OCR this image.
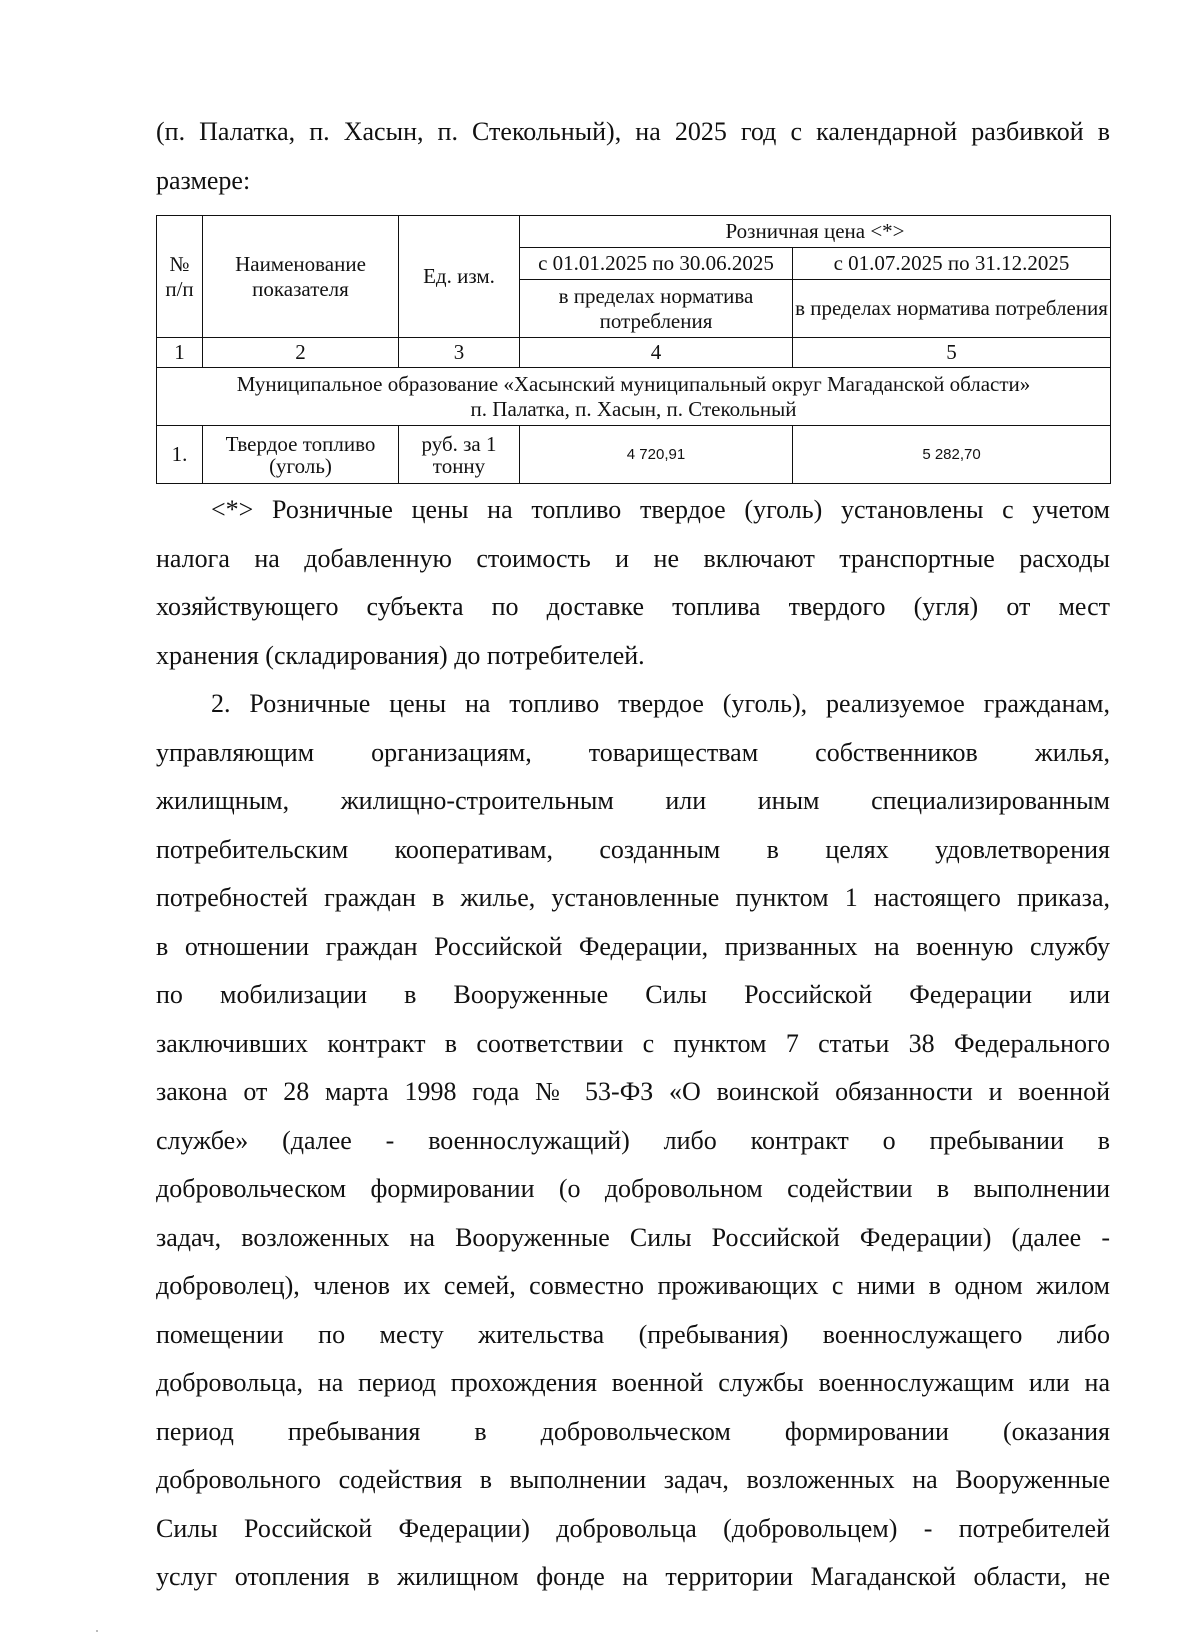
(п. Палатка, п. Хасын, п. Стекольный), на 2025 год с календарной разбивкой в
размере:
№ п/п	Наименование показателя	Ед. изм.	Розничная цена <*>	
			с 01.01.2025 по 30.06.2025	с 01.07.2025 по 31.12.2025
			в пределах норматива потребления	в пределах норматива потребления
1	2	3	4	5

Муниципальное образование «Хасынский муниципальный округ Магаданской области»
п. Палатка, п. Хасын, п. Стекольный				

1.	Твердое топливо (уголь)	руб. за 1 тонну	4 720,91	5 282,70
<*> Розничные цены на топливо твердое (уголь) установлены с учетом
налога на добавленную стоимость и не включают транспортные расходы
хозяйствующего субъекта по доставке топлива твердого (угля) от мест
хранения (складирования) до потребителей.
2. Розничные цены на топливо твердое (уголь), реализуемое гражданам,
управляющим организациям, товариществам собственников жилья,
жилищным, жилищно-строительным или иным специализированным
потребительским кооперативам, созданным в целях удовлетворения
потребностей граждан в жилье, установленные пунктом 1 настоящего приказа,
в отношении граждан Российской Федерации, призванных на военную службу
по мобилизации в Вооруженные Силы Российской Федерации или
заключивших контракт в соответствии с пунктом 7 статьи 38 Федерального
закона от 28 марта 1998 года № 53-ФЗ «О воинской обязанности и военной
службе» (далее - военнослужащий) либо контракт о пребывании в
добровольческом формировании (о добровольном содействии в выполнении
задач, возложенных на Вооруженные Силы Российской Федерации) (далее -
доброволец), членов их семей, совместно проживающих с ними в одном жилом
помещении по месту жительства (пребывания) военнослужащего либо
добровольца, на период прохождения военной службы военнослужащим или на
период пребывания в добровольческом формировании (оказания
добровольного содействия в выполнении задач, возложенных на Вооруженные
Силы Российской Федерации) добровольца (добровольцем) - потребителей
услуг отопления в жилищном фонде на территории Магаданской области, не
